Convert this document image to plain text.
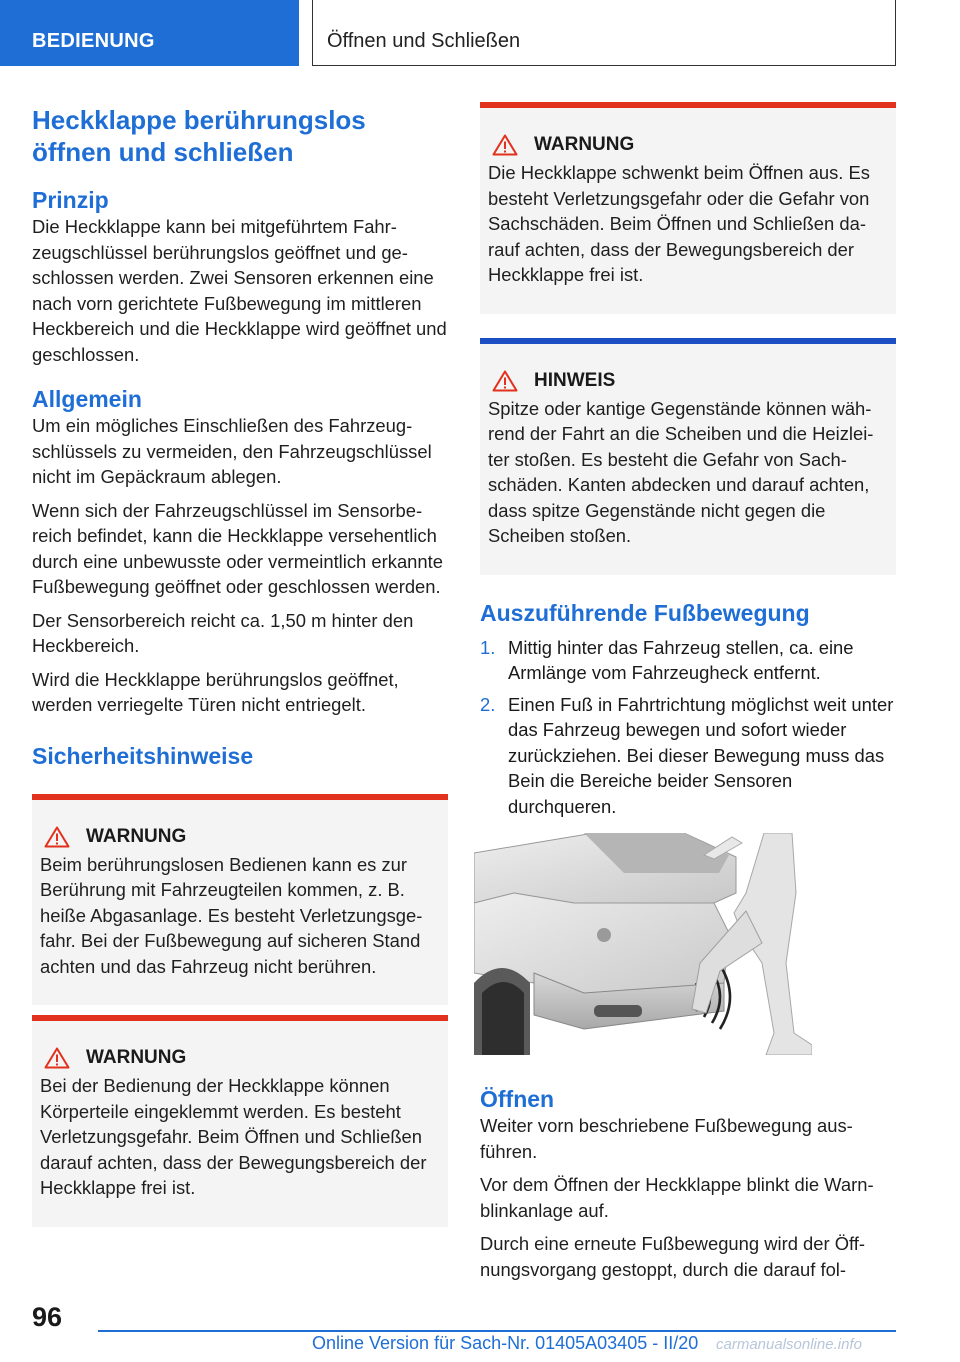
BEDIENUNG	Öffnen und Schließen
Heckklappe berührungslos öffnen und schließen
Prinzip

Die Heckklappe kann bei mitgeführtem Fahrzeugschlüssel berührungslos geöffnet und geschlossen werden. Zwei Sensoren erkennen eine nach vorn gerichtete Fußbewegung im mittleren Heckbereich und die Heckklappe wird geöffnet und geschlossen.

Allgemein

Um ein mögliches Einschließen des Fahrzeugschlüssels zu vermeiden, den Fahrzeugschlüssel nicht im Gepäckraum ablegen.

Wenn sich der Fahrzeugschlüssel im Sensorbereich befindet, kann die Heckklappe versehentlich durch eine unbewusste oder vermeintlich erkannte Fußbewegung geöffnet oder geschlossen werden.

Der Sensorbereich reicht ca. 1,50 m hinter den Heckbereich.

Wird die Heckklappe berührungslos geöffnet, werden verriegelte Türen nicht entriegelt.

Sicherheitshinweise
WARNUNG

Beim berührungslosen Bedienen kann es zur Berührung mit Fahrzeugteilen kommen, z. B. heiße Abgasanlage. Es besteht Verletzungsgefahr. Bei der Fußbewegung auf sicheren Stand achten und das Fahrzeug nicht berühren.

WARNUNG

Bei der Bedienung der Heckklappe können Körperteile eingeklemmt werden. Es besteht Verletzungsgefahr. Beim Öffnen und Schließen darauf achten, dass der Bewegungsbereich der Heckklappe frei ist.

WARNUNG

Die Heckklappe schwenkt beim Öffnen aus. Es besteht Verletzungsgefahr oder die Gefahr von Sachschäden. Beim Öffnen und Schließen darauf achten, dass der Bewegungsbereich der Heckklappe frei ist.

HINWEIS

Spitze oder kantige Gegenstände können während der Fahrt an die Scheiben und die Heizleiter stoßen. Es besteht die Gefahr von Sachschäden. Kanten abdecken und darauf achten, dass spitze Gegenstände nicht gegen die Scheiben stoßen.

Auszuführende Fußbewegung
1. Mittig hinter das Fahrzeug stellen, ca. eine Armlänge vom Fahrzeugheck entfernt.
2. Einen Fuß in Fahrtrichtung möglichst weit unter das Fahrzeug bewegen und sofort wieder zurückziehen. Bei dieser Bewegung muss das Bein die Bereiche beider Sensoren durchqueren.
Öffnen

Weiter vorn beschriebene Fußbewegung ausführen.

Vor dem Öffnen der Heckklappe blinkt die Warnblinkanlage auf.

Durch eine erneute Fußbewegung wird der Öffnungsvorgang gestoppt, durch die darauf fol-

96
Online Version für Sach-Nr. 01405A03405 - II/20 carmanualsonline.info
